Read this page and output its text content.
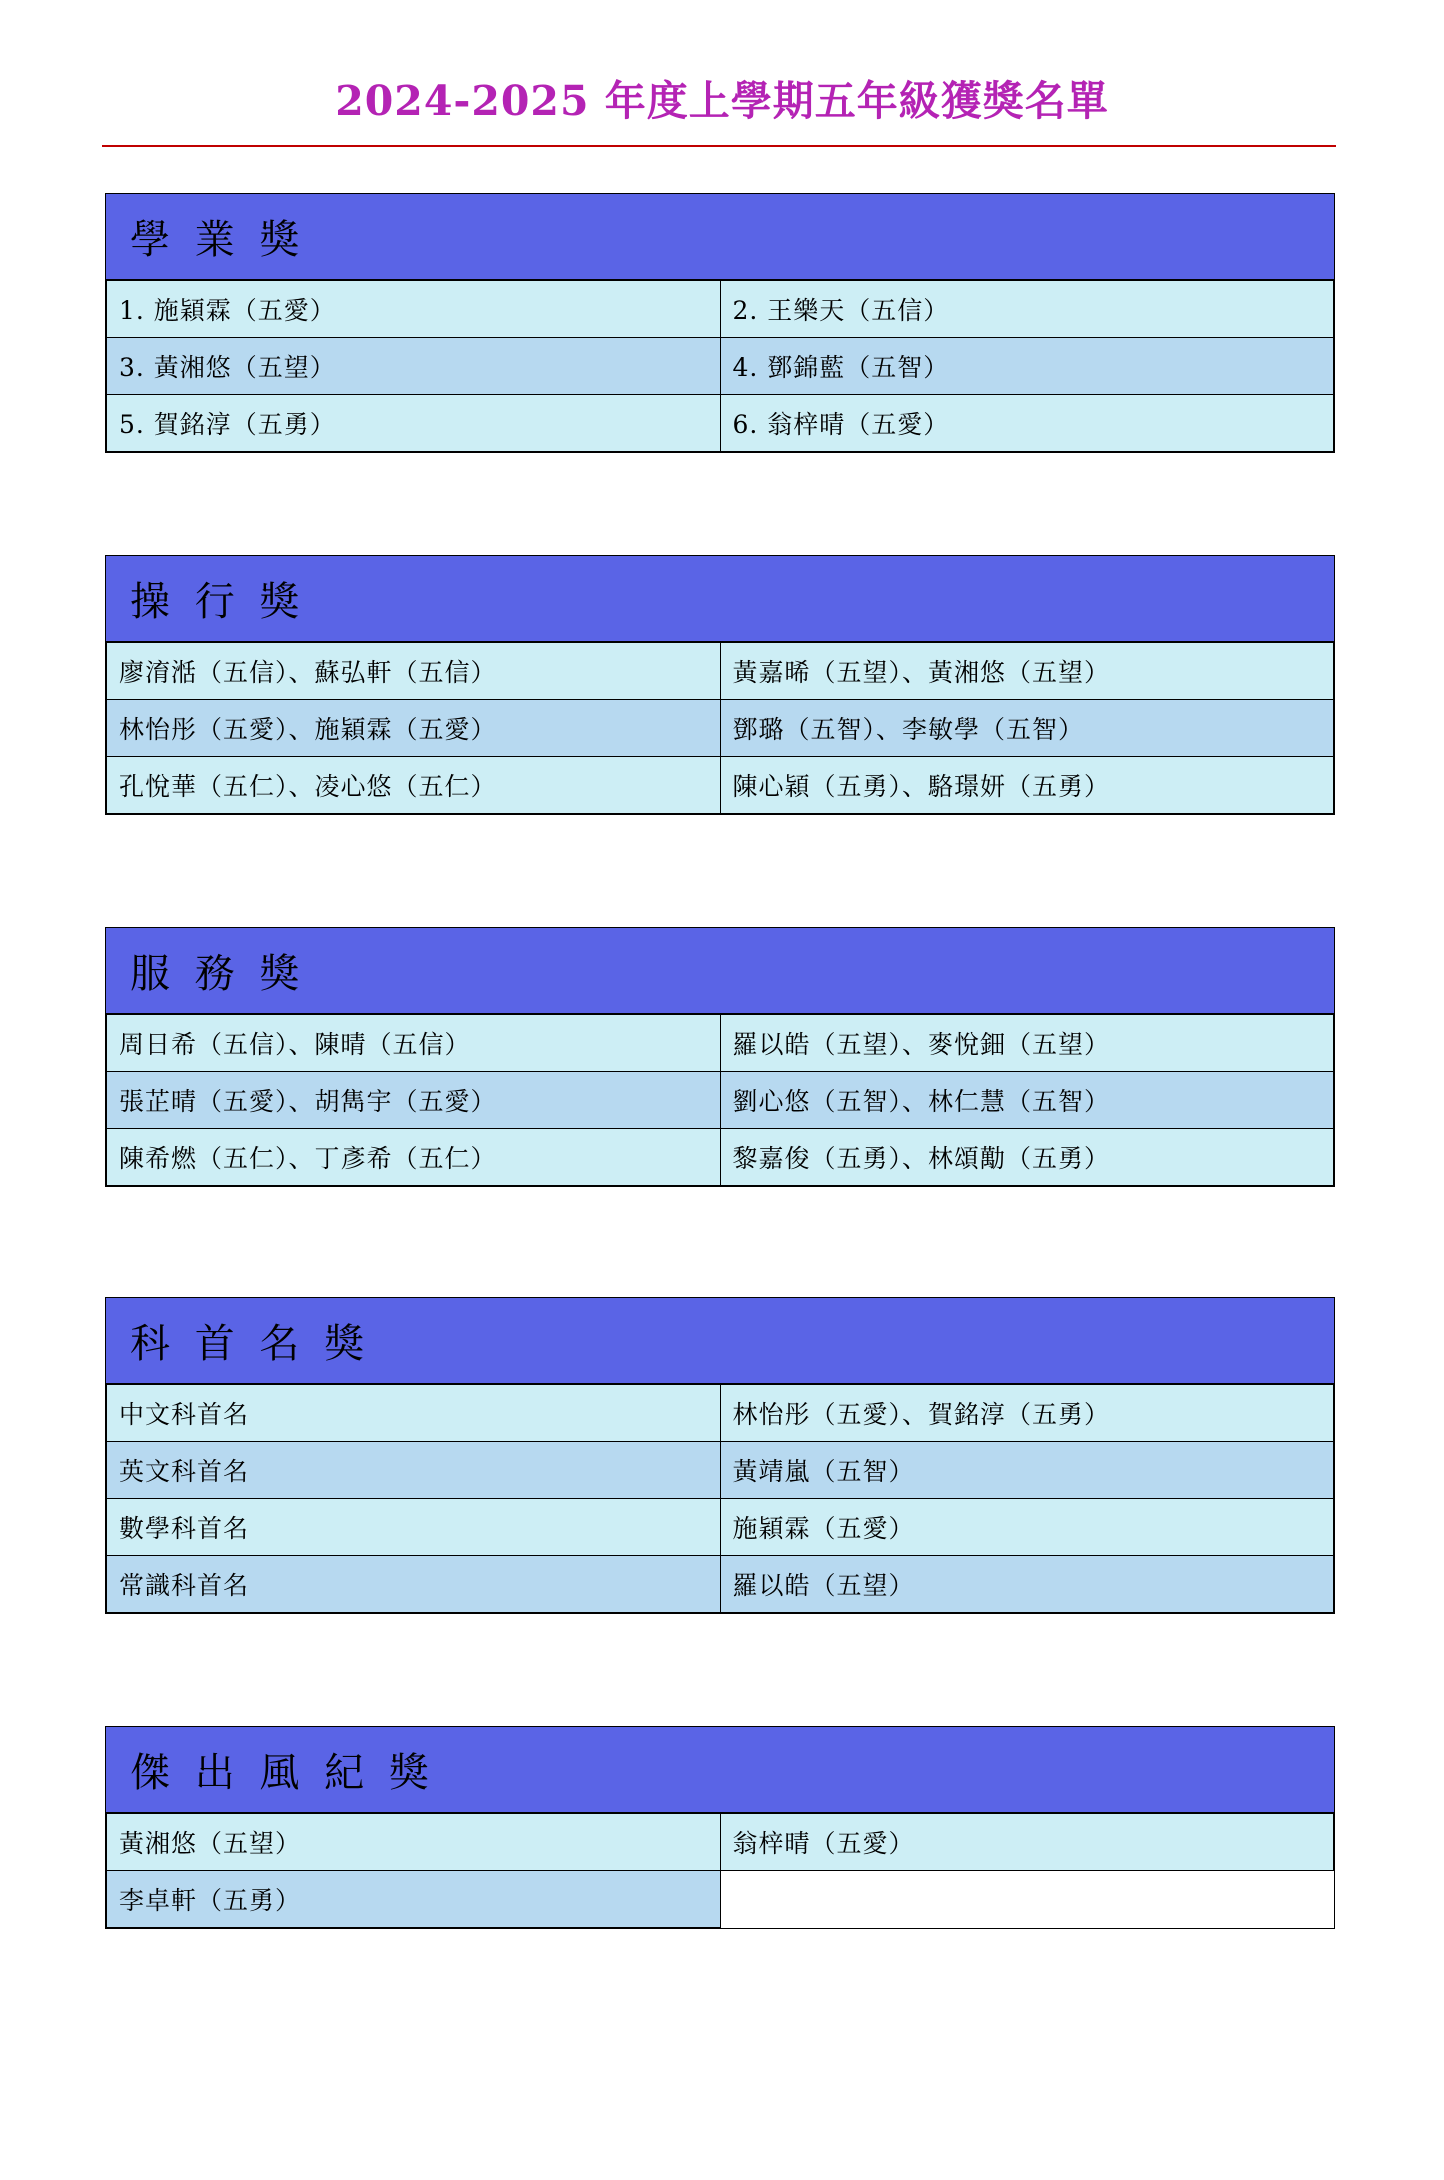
2024-2025 年度上學期五年級獲獎名單
學 業 獎
1. 施穎霖（五愛）	2. 王樂天（五信）
3. 黃湘悠（五望）	4. 鄧錦藍（五智）
5. 賀銘淳（五勇）	6. 翁梓晴（五愛）
操 行 獎
廖淯湉（五信）、蘇弘軒（五信）	黃嘉晞（五望）、黃湘悠（五望）
林怡彤（五愛）、施穎霖（五愛）	鄧璐（五智）、李敏學（五智）
孔悅華（五仁）、凌心悠（五仁）	陳心穎（五勇）、駱璟妍（五勇）
服 務 獎
周日希（五信）、陳晴（五信）	羅以皓（五望）、麥悅鈿（五望）
張芷晴（五愛）、胡雋宇（五愛）	劉心悠（五智）、林仁慧（五智）
陳希燃（五仁）、丁彥希（五仁）	黎嘉俊（五勇）、林頌勱（五勇）
科 首 名 獎
中文科首名	林怡彤（五愛）、賀銘淳（五勇）
英文科首名	黃靖嵐（五智）
數學科首名	施穎霖（五愛）
常識科首名	羅以皓（五望）
傑 出 風 紀 獎
黃湘悠（五望）	翁梓晴（五愛）
李卓軒（五勇）	
